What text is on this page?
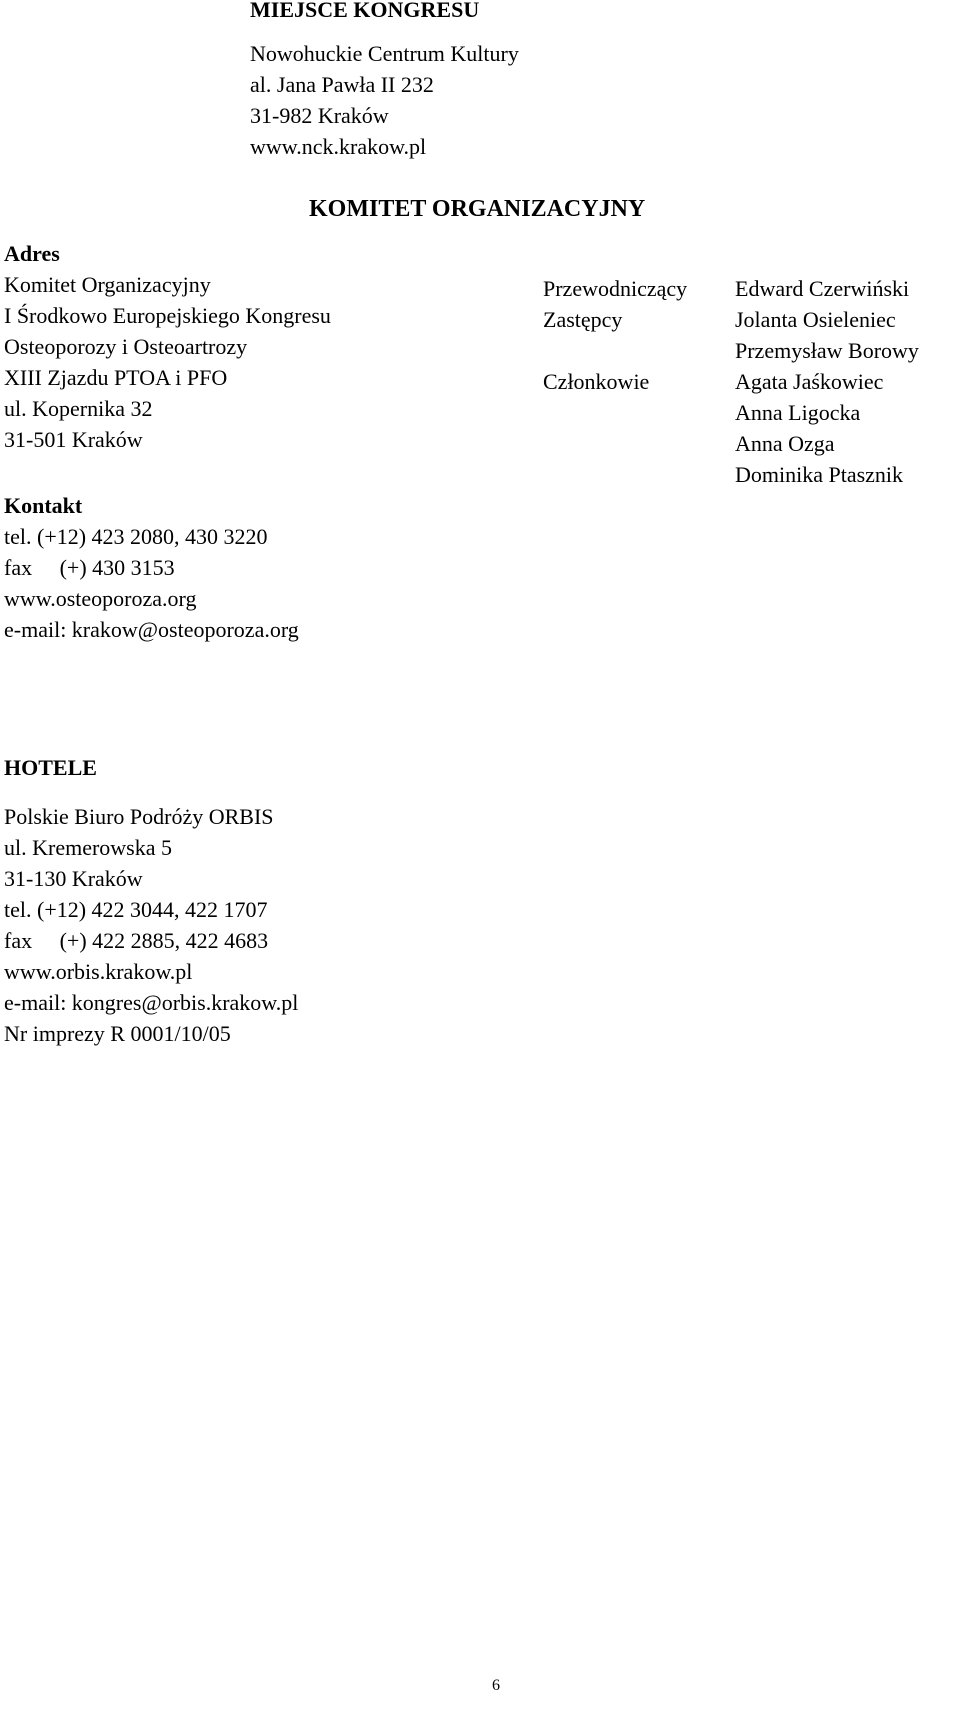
MIEJSCE KONGRESU
Nowohuckie Centrum Kultury
al. Jana Pawła II 232
31-982 Kraków
www.nck.krakow.pl
KOMITET ORGANIZACYJNY
Adres
Komitet Organizacyjny
I Środkowo Europejskiego Kongresu
Osteoporozy i Osteoartrozy
XIII Zjazdu PTOA i PFO
ul. Kopernika 32
31-501 Kraków
Kontakt
tel. (+12) 423 2080, 430 3220
fax     (+) 430 3153
www.osteoporoza.org
e-mail: krakow@osteoporoza.org
Przewodniczący Edward Czerwiński
Zastępcy	Jolanta Osieleniec
Przemysław Borowy
Członkowie	Agata Jaśkowiec
Anna Ligocka
Anna Ozga
Dominika Ptasznik
HOTELE
Polskie Biuro Podróży ORBIS
ul. Kremerowska 5
31-130 Kraków
tel. (+12) 422 3044, 422 1707
fax     (+) 422 2885, 422 4683
www.orbis.krakow.pl
e-mail: kongres@orbis.krakow.pl
Nr imprezy R 0001/10/05
6
